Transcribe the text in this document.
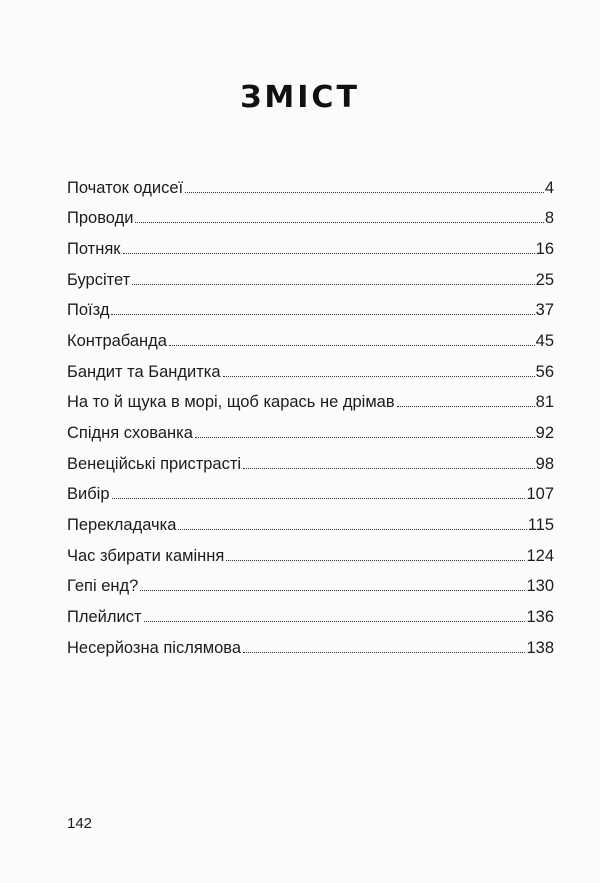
ЗМІСТ
Початок одисеї	4
Проводи	8
Потняк	16
Бурсітет	25
Поїзд	37
Контрабанда	45
Бандит та Бандитка	56
На то й щука в морі, щоб карась не дрімав	81
Спідня схованка	92
Венеційські пристрасті	98
Вибір	107
Перекладачка	115
Час збирати каміння	124
Гепі енд?	130
Плейлист	136
Несерйозна післямова	138
142
